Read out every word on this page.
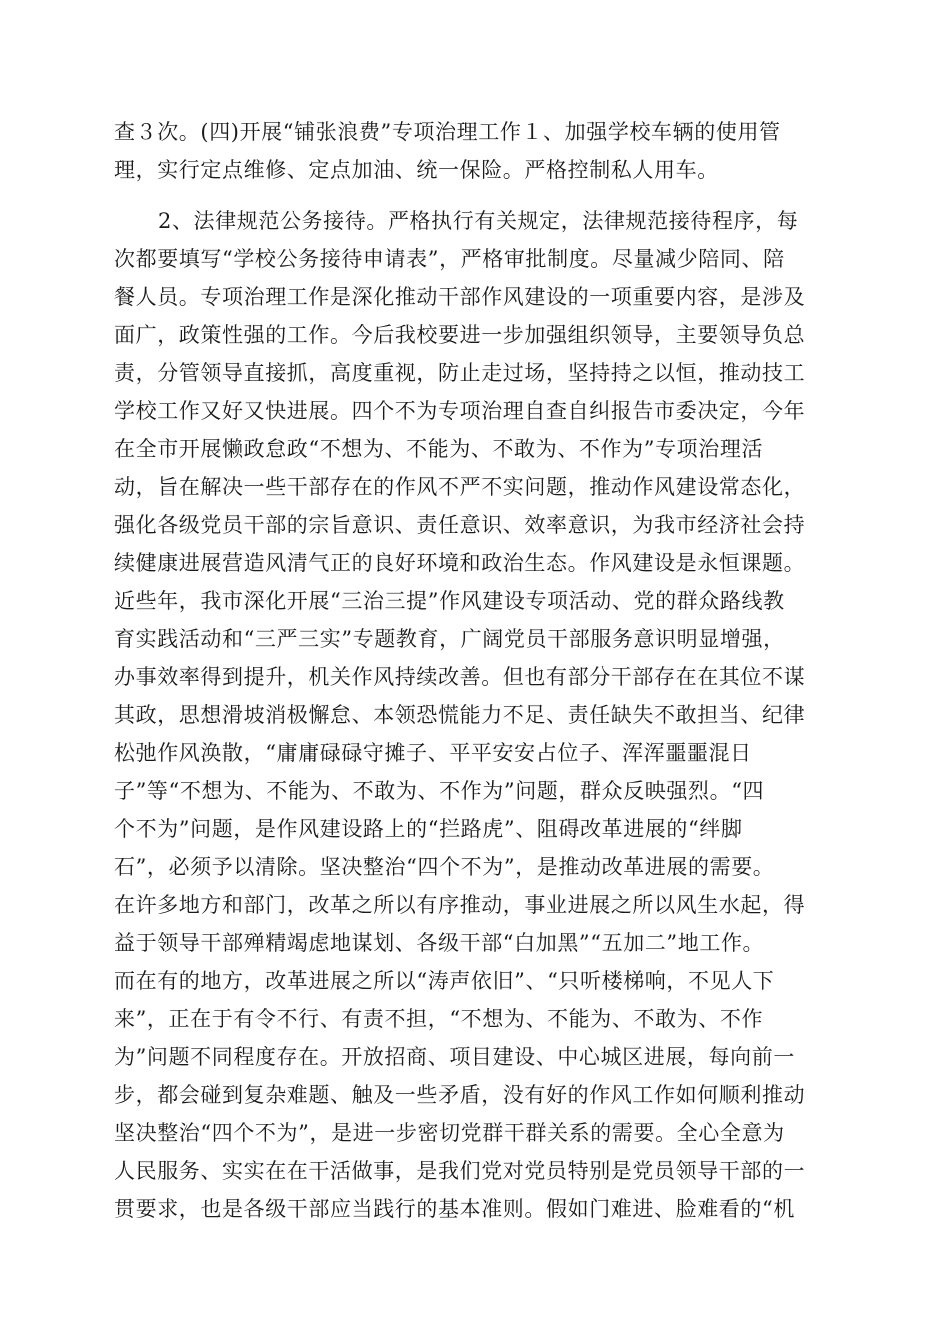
查３次。(四)开展“铺张浪费”专项治理工作１、加强学校车辆的使用管
理，实行定点维修、定点加油、统一保险。严格控制私人用车。
2、法律规范公务接待。严格执行有关规定，法律规范接待程序，每
次都要填写“学校公务接待申请表”，严格审批制度。尽量减少陪同、陪
餐人员。专项治理工作是深化推动干部作风建设的一项重要内容，是涉及
面广，政策性强的工作。今后我校要进一步加强组织领导，主要领导负总
责，分管领导直接抓，高度重视，防止走过场，坚持持之以恒，推动技工
学校工作又好又快进展。四个不为专项治理自查自纠报告市委决定，今年
在全市开展懒政怠政“不想为、不能为、不敢为、不作为”专项治理活
动，旨在解决一些干部存在的作风不严不实问题，推动作风建设常态化，
强化各级党员干部的宗旨意识、责任意识、效率意识，为我市经济社会持
续健康进展营造风清气正的良好环境和政治生态。作风建设是永恒课题。
近些年，我市深化开展“三治三提”作风建设专项活动、党的群众路线教
育实践活动和“三严三实”专题教育，广阔党员干部服务意识明显增强，
办事效率得到提升，机关作风持续改善。但也有部分干部存在在其位不谋
其政，思想滑坡消极懈怠、本领恐慌能力不足、责任缺失不敢担当、纪律
松弛作风涣散，“庸庸碌碌守摊子、平平安安占位子、浑浑噩噩混日
子”等“不想为、不能为、不敢为、不作为”问题，群众反映强烈。“四
个不为”问题，是作风建设路上的“拦路虎”、阻碍改革进展的“绊脚
石”，必须予以清除。坚决整治“四个不为”，是推动改革进展的需要。
在许多地方和部门，改革之所以有序推动，事业进展之所以风生水起，得
益于领导干部殚精竭虑地谋划、各级干部“白加黑”“五加二”地工作。
而在有的地方，改革进展之所以“涛声依旧”、“只听楼梯响，不见人下
来”，正在于有令不行、有责不担，“不想为、不能为、不敢为、不作
为”问题不同程度存在。开放招商、项目建设、中心城区进展，每向前一
步，都会碰到复杂难题、触及一些矛盾，没有好的作风工作如何顺利推动
坚决整治“四个不为”，是进一步密切党群干群关系的需要。全心全意为
人民服务、实实在在干活做事，是我们党对党员特别是党员领导干部的一
贯要求，也是各级干部应当践行的基本准则。假如门难进、脸难看的“机
